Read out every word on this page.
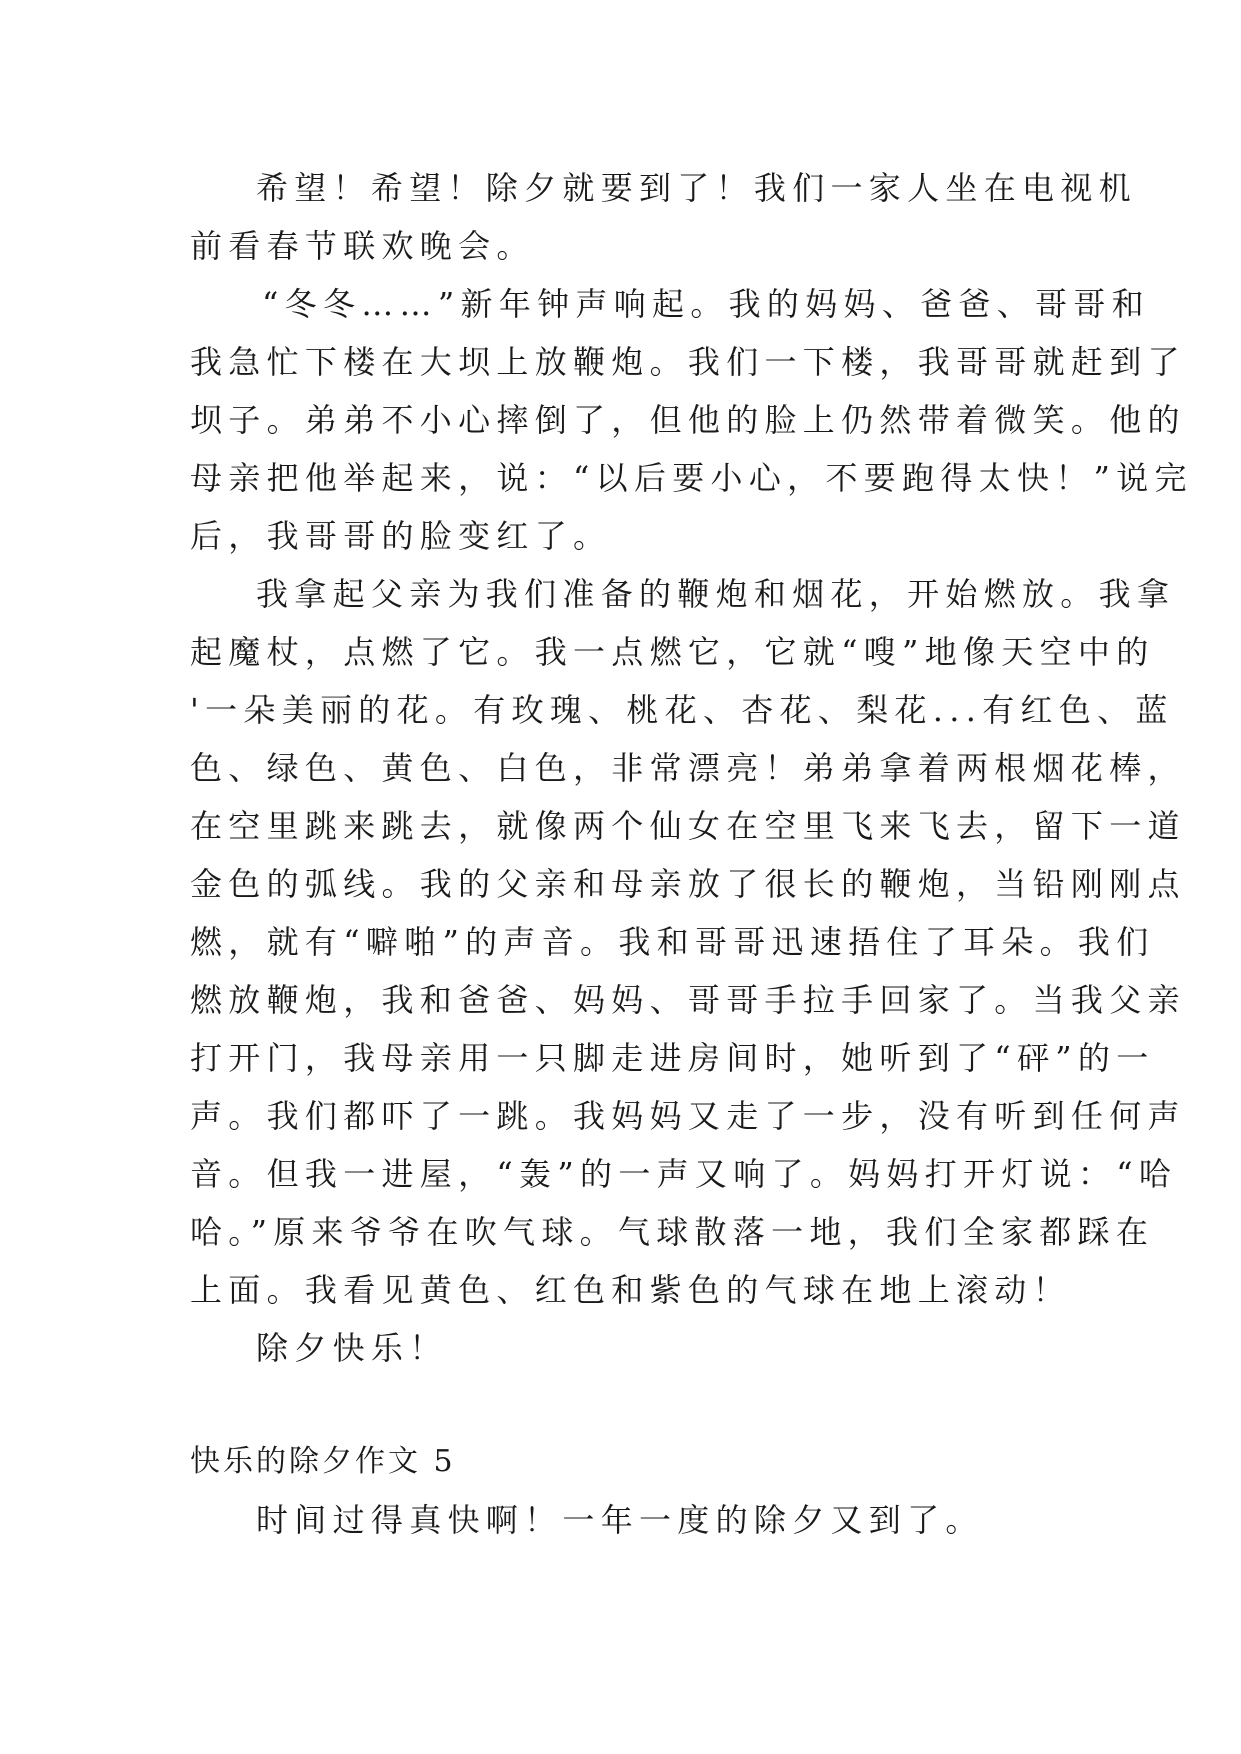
希望！希望！除夕就要到了！我们一家人坐在电视机
前看春节联欢晚会。
“冬冬……”新年钟声响起。我的妈妈、爸爸、哥哥和
我急忙下楼在大坝上放鞭炮。我们一下楼，我哥哥就赶到了
坝子。弟弟不小心摔倒了，但他的脸上仍然带着微笑。他的
母亲把他举起来，说：“以后要小心，不要跑得太快！”说完
后，我哥哥的脸变红了。
我拿起父亲为我们准备的鞭炮和烟花，开始燃放。我拿
起魔杖，点燃了它。我一点燃它，它就“嗖”地像天空中的
'一朵美丽的花。有玫瑰、桃花、杏花、梨花...有红色、蓝
色、绿色、黄色、白色，非常漂亮！弟弟拿着两根烟花棒，
在空里跳来跳去，就像两个仙女在空里飞来飞去，留下一道
金色的弧线。我的父亲和母亲放了很长的鞭炮，当铅刚刚点
燃，就有“噼啪”的声音。我和哥哥迅速捂住了耳朵。我们
燃放鞭炮，我和爸爸、妈妈、哥哥手拉手回家了。当我父亲
打开门，我母亲用一只脚走进房间时，她听到了“砰”的一
声。我们都吓了一跳。我妈妈又走了一步，没有听到任何声
音。但我一进屋，“轰”的一声又响了。妈妈打开灯说：“哈
哈。”原来爷爷在吹气球。气球散落一地，我们全家都踩在
上面。我看见黄色、红色和紫色的气球在地上滚动！
除夕快乐！
快乐的除夕作文 5
时间过得真快啊！一年一度的除夕又到了。
